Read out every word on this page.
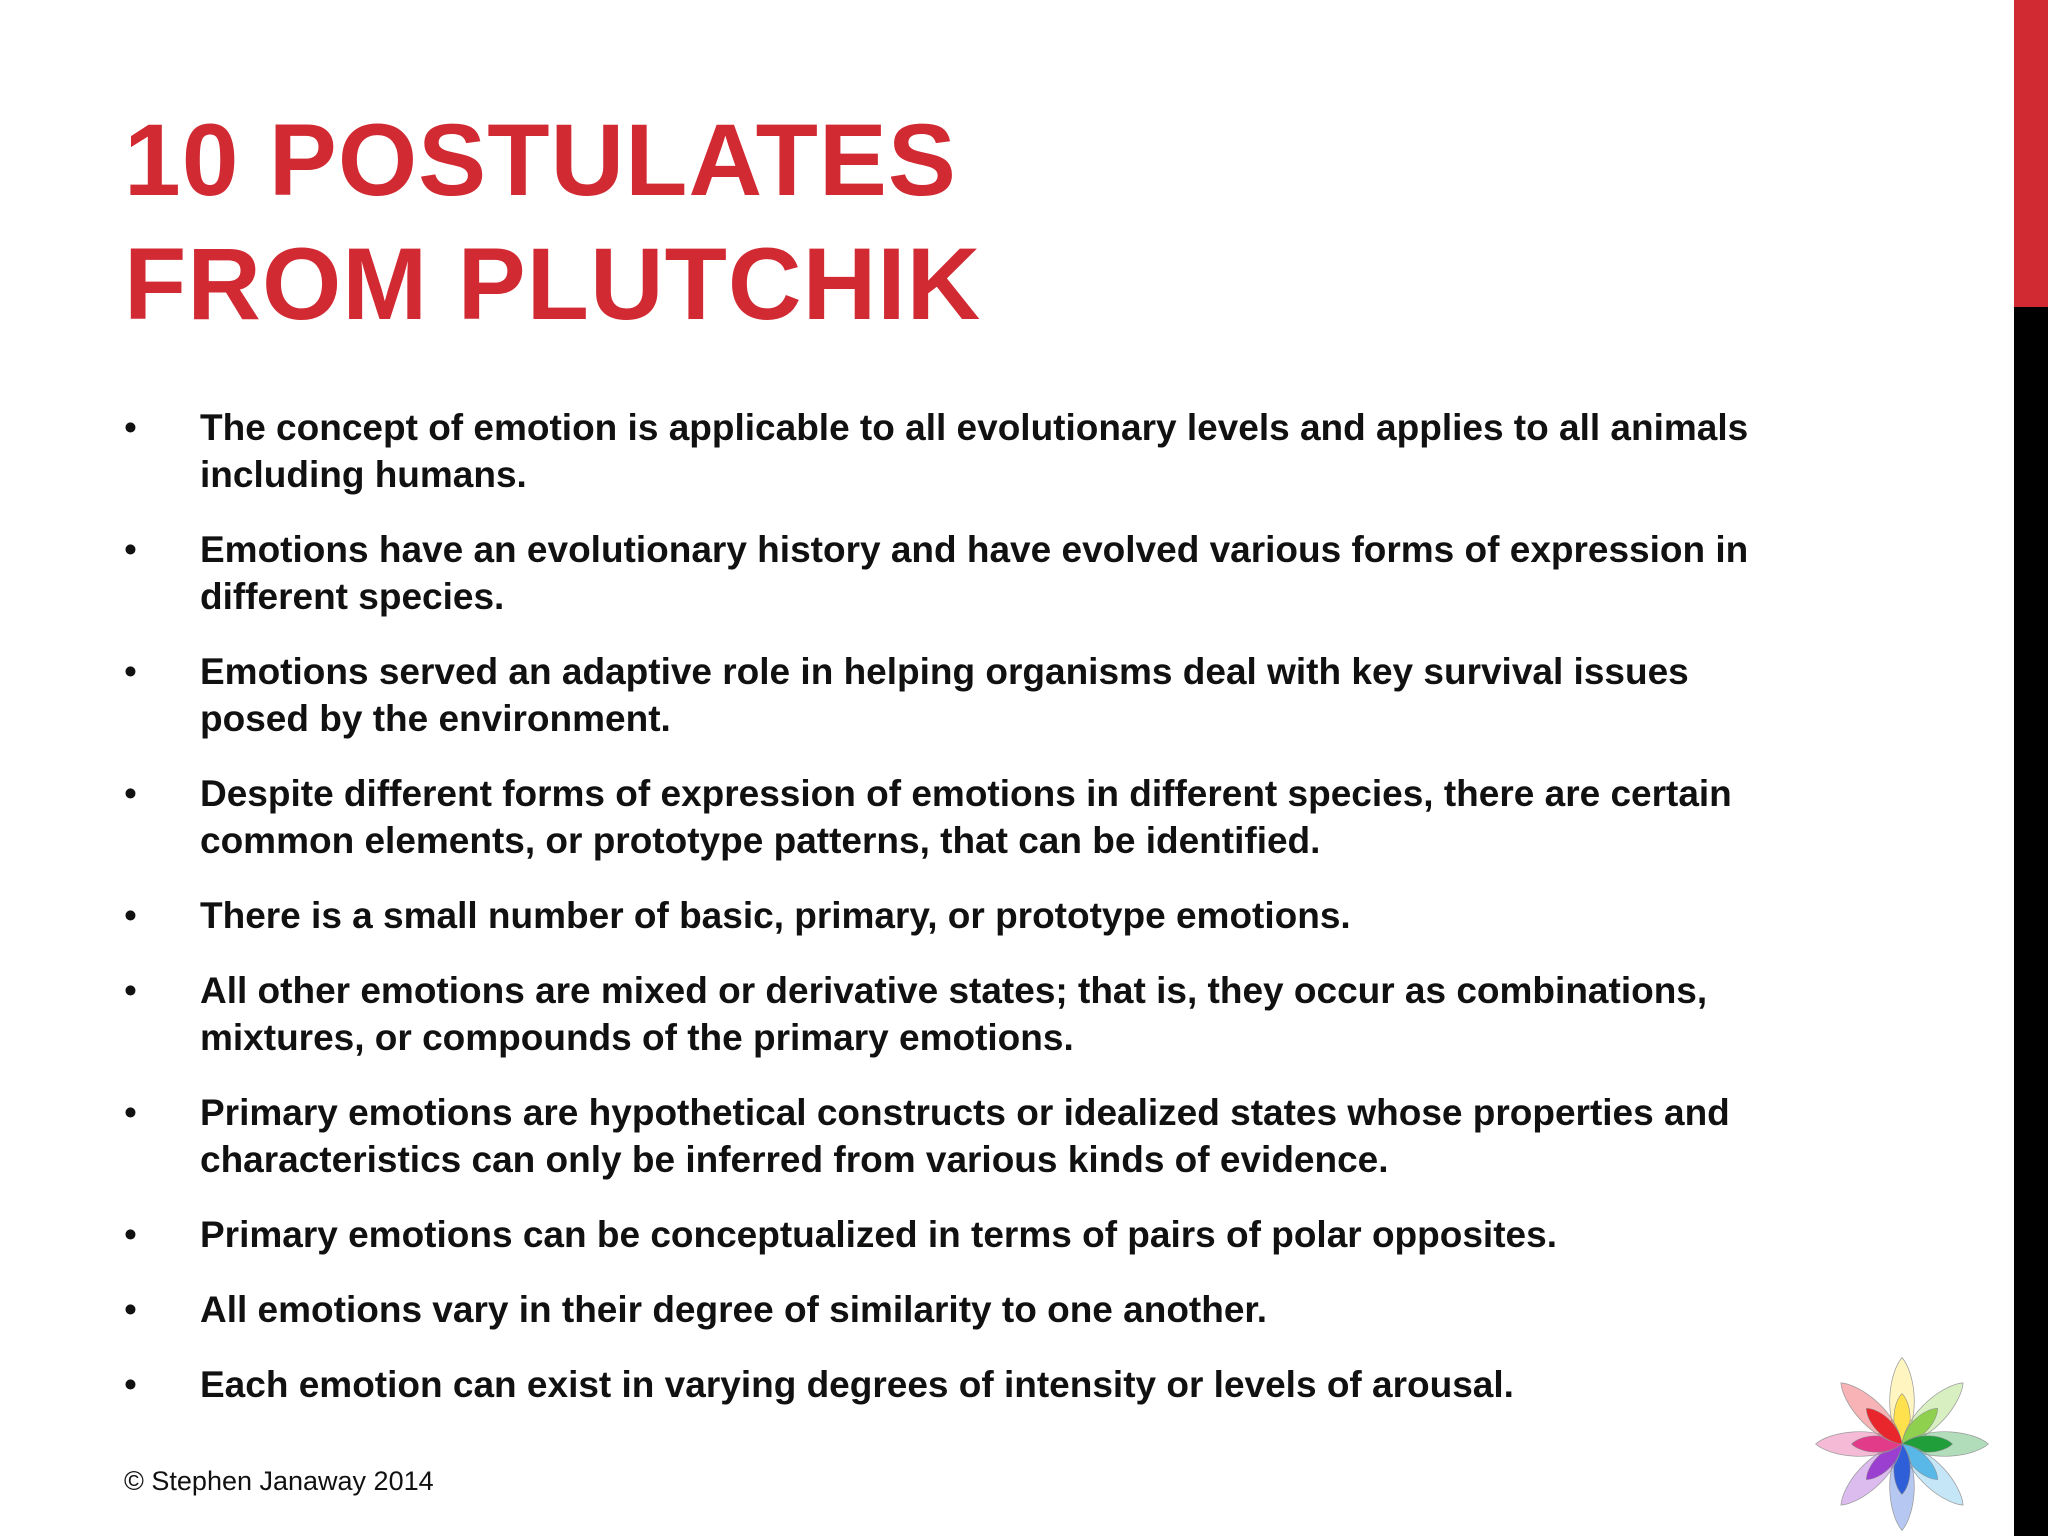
10 POSTULATES
FROM PLUTCHIK
•	The concept of emotion is applicable to all evolutionary levels and applies to all animals including humans.
•	Emotions have an evolutionary history and have evolved various forms of expression in different species.
•	Emotions served an adaptive role in helping organisms deal with key survival issues posed by the environment.
•	Despite different forms of expression of emotions in different species, there are certain common elements, or prototype patterns, that can be identified.
•	There is a small number of basic, primary, or prototype emotions.
•	All other emotions are mixed or derivative states; that is, they occur as combinations, mixtures, or compounds of the primary emotions.
•	Primary emotions are hypothetical constructs or idealized states whose properties and characteristics can only be inferred from various kinds of evidence.
•	Primary emotions can be conceptualized in terms of pairs of polar opposites.
•	All emotions vary in their degree of similarity to one another.
•	Each emotion can exist in varying degrees of intensity or levels of arousal.
© Stephen Janaway 2014
